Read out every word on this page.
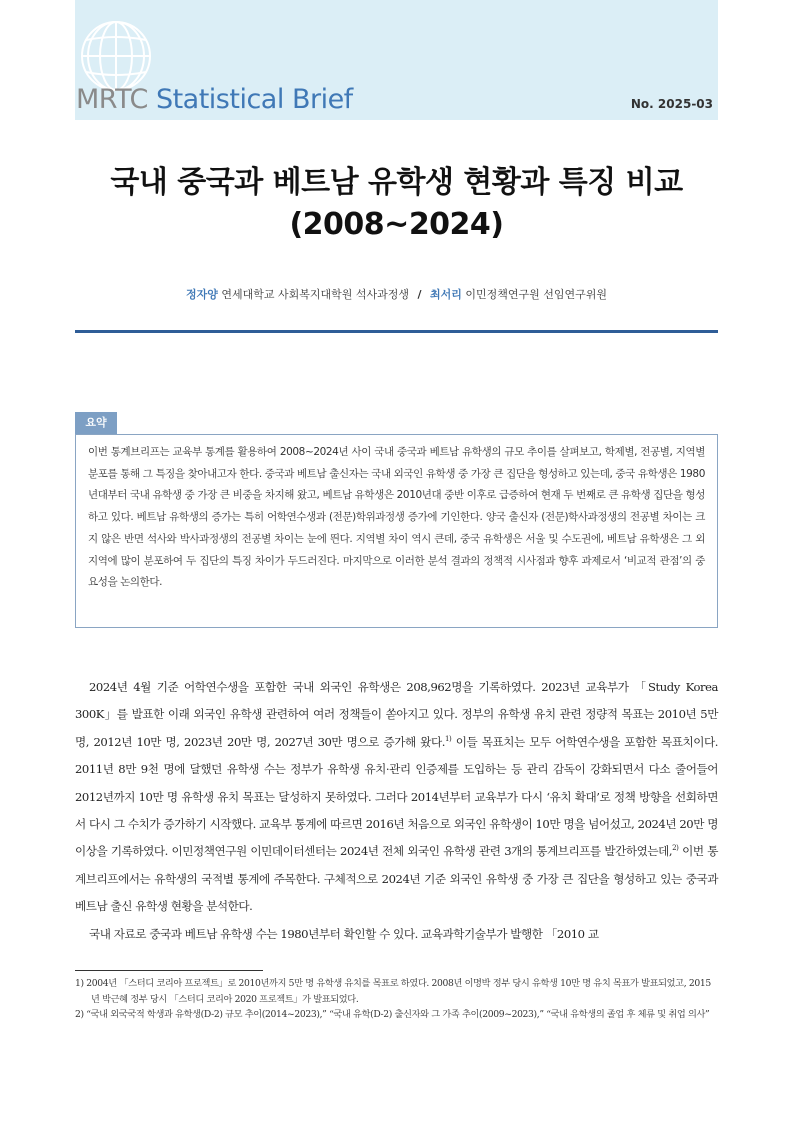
MRTC Statistical Brief	No. 2025-03
국내 중국과 베트남 유학생 현황과 특징 비교
(2008~2024)
정자양 연세대학교 사회복지대학원 석사과정생 / 최서리 이민정책연구원 선임연구위원
요약

이번 통계브리프는 교육부 통계를 활용하여 2008~2024년 사이 국내 중국과 베트남 유학생의 규모 추이를 살펴보고, 학제별, 전공별, 지역별 분포를 통해 그 특징을 찾아내고자 한다. 중국과 베트남 출신자는 국내 외국인 유학생 중 가장 큰 집단을 형성하고 있는데, 중국 유학생은 1980년대부터 국내 유학생 중 가장 큰 비중을 차지해 왔고, 베트남 유학생은 2010년대 중반 이후로 급증하여 현재 두 번째로 큰 유학생 집단을 형성하고 있다. 베트남 유학생의 증가는 특히 어학연수생과 (전문)학위과정생 증가에 기인한다. 양국 출신자 (전문)학사과정생의 전공별 차이는 크지 않은 반면 석사와 박사과정생의 전공별 차이는 눈에 띈다. 지역별 차이 역시 큰데, 중국 유학생은 서울 및 수도권에, 베트남 유학생은 그 외 지역에 많이 분포하여 두 집단의 특징 차이가 두드러진다. 마지막으로 이러한 분석 결과의 정책적 시사점과 향후 과제로서 ‘비교적 관점’의 중요성을 논의한다.

2024년 4월 기준 어학연수생을 포함한 국내 외국인 유학생은 208,962명을 기록하였다. 2023년 교육부가 「Study Korea 300K」를 발표한 이래 외국인 유학생 관련하여 여러 정책들이 쏟아지고 있다. 정부의 유학생 유치 관련 정량적 목표는 2010년 5만 명, 2012년 10만 명, 2023년 20만 명, 2027년 30만 명으로 증가해 왔다.$^{1)}$ 이들 목표치는 모두 어학연수생을 포함한 목표치이다. 2011년 8만 9천 명에 달했던 유학생 수는 정부가 유학생 유치·관리 인증제를 도입하는 등 관리 감독이 강화되면서 다소 줄어들어 2012년까지 10만 명 유학생 유치 목표는 달성하지 못하였다. 그러다 2014년부터 교육부가 다시 ‘유치 확대’로 정책 방향을 선회하면서 다시 그 수치가 증가하기 시작했다. 교육부 통계에 따르면 2016년 처음으로 외국인 유학생이 10만 명을 넘어섰고, 2024년 20만 명 이상을 기록하였다. 이민정책연구원 이민데이터센터는 2024년 전체 외국인 유학생 관련 3개의 통계브리프를 발간하였는데,$^{2)}$ 이번 통계브리프에서는 유학생의 국적별 통계에 주목한다. 구체적으로 2024년 기준 외국인 유학생 중 가장 큰 집단을 형성하고 있는 중국과 베트남 출신 유학생 현황을 분석한다.

국내 자료로 중국과 베트남 유학생 수는 1980년부터 확인할 수 있다. 교육과학기술부가 발행한 「2010 교

1) 2004년 「스터디 코리아 프로젝트」로 2010년까지 5만 명 유학생 유치를 목표로 하였다. 2008년 이명박 정부 당시 유학생 10만 명 유치 목표가 발표되었고, 2015년 박근혜 정부 당시 「스터디 코리아 2020 프로젝트」가 발표되었다.

2) “국내 외국국적 학생과 유학생(D-2) 규모 추이(2014~2023),” “국내 유학(D-2) 출신자와 그 가족 추이(2009~2023),” “국내 유학생의 졸업 후 체류 및 취업 의사”
